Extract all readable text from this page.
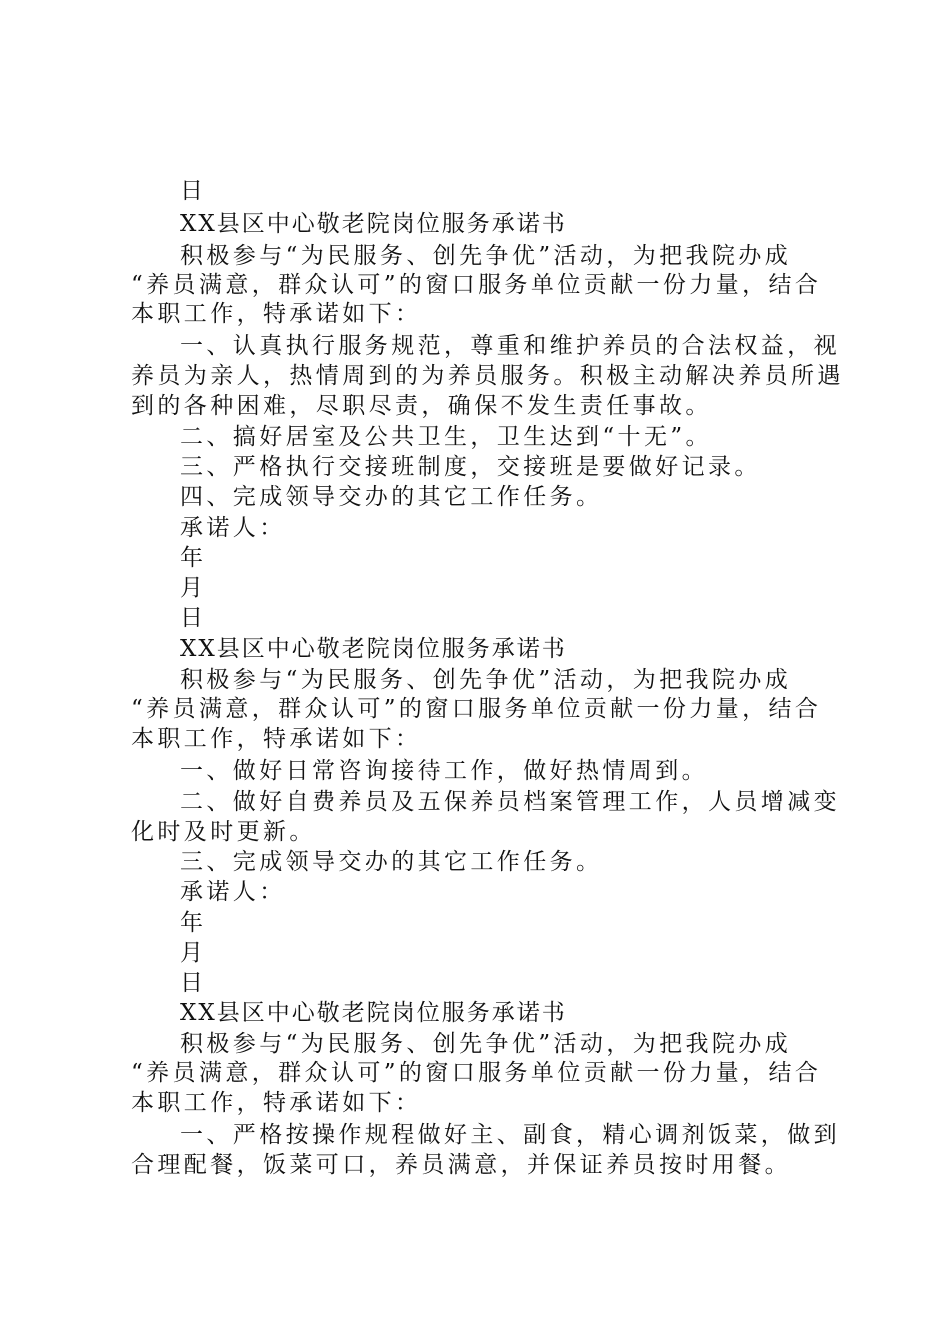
日
XX县区中心敬老院岗位服务承诺书
积极参与“为民服务、创先争优”活动，为把我院办成
“养员满意，群众认可”的窗口服务单位贡献一份力量，结合
本职工作，特承诺如下：
一、认真执行服务规范，尊重和维护养员的合法权益，视
养员为亲人，热情周到的为养员服务。积极主动解决养员所遇
到的各种困难，尽职尽责，确保不发生责任事故。
二、搞好居室及公共卫生，卫生达到“十无”。
三、严格执行交接班制度，交接班是要做好记录。
四、完成领导交办的其它工作任务。
承诺人：
年
月
日
XX县区中心敬老院岗位服务承诺书
积极参与“为民服务、创先争优”活动，为把我院办成
“养员满意，群众认可”的窗口服务单位贡献一份力量，结合
本职工作，特承诺如下：
一、做好日常咨询接待工作，做好热情周到。
二、做好自费养员及五保养员档案管理工作，人员增减变
化时及时更新。
三、完成领导交办的其它工作任务。
承诺人：
年
月
日
XX县区中心敬老院岗位服务承诺书
积极参与“为民服务、创先争优”活动，为把我院办成
“养员满意，群众认可”的窗口服务单位贡献一份力量，结合
本职工作，特承诺如下：
一、严格按操作规程做好主、副食，精心调剂饭菜，做到
合理配餐，饭菜可口，养员满意，并保证养员按时用餐。
